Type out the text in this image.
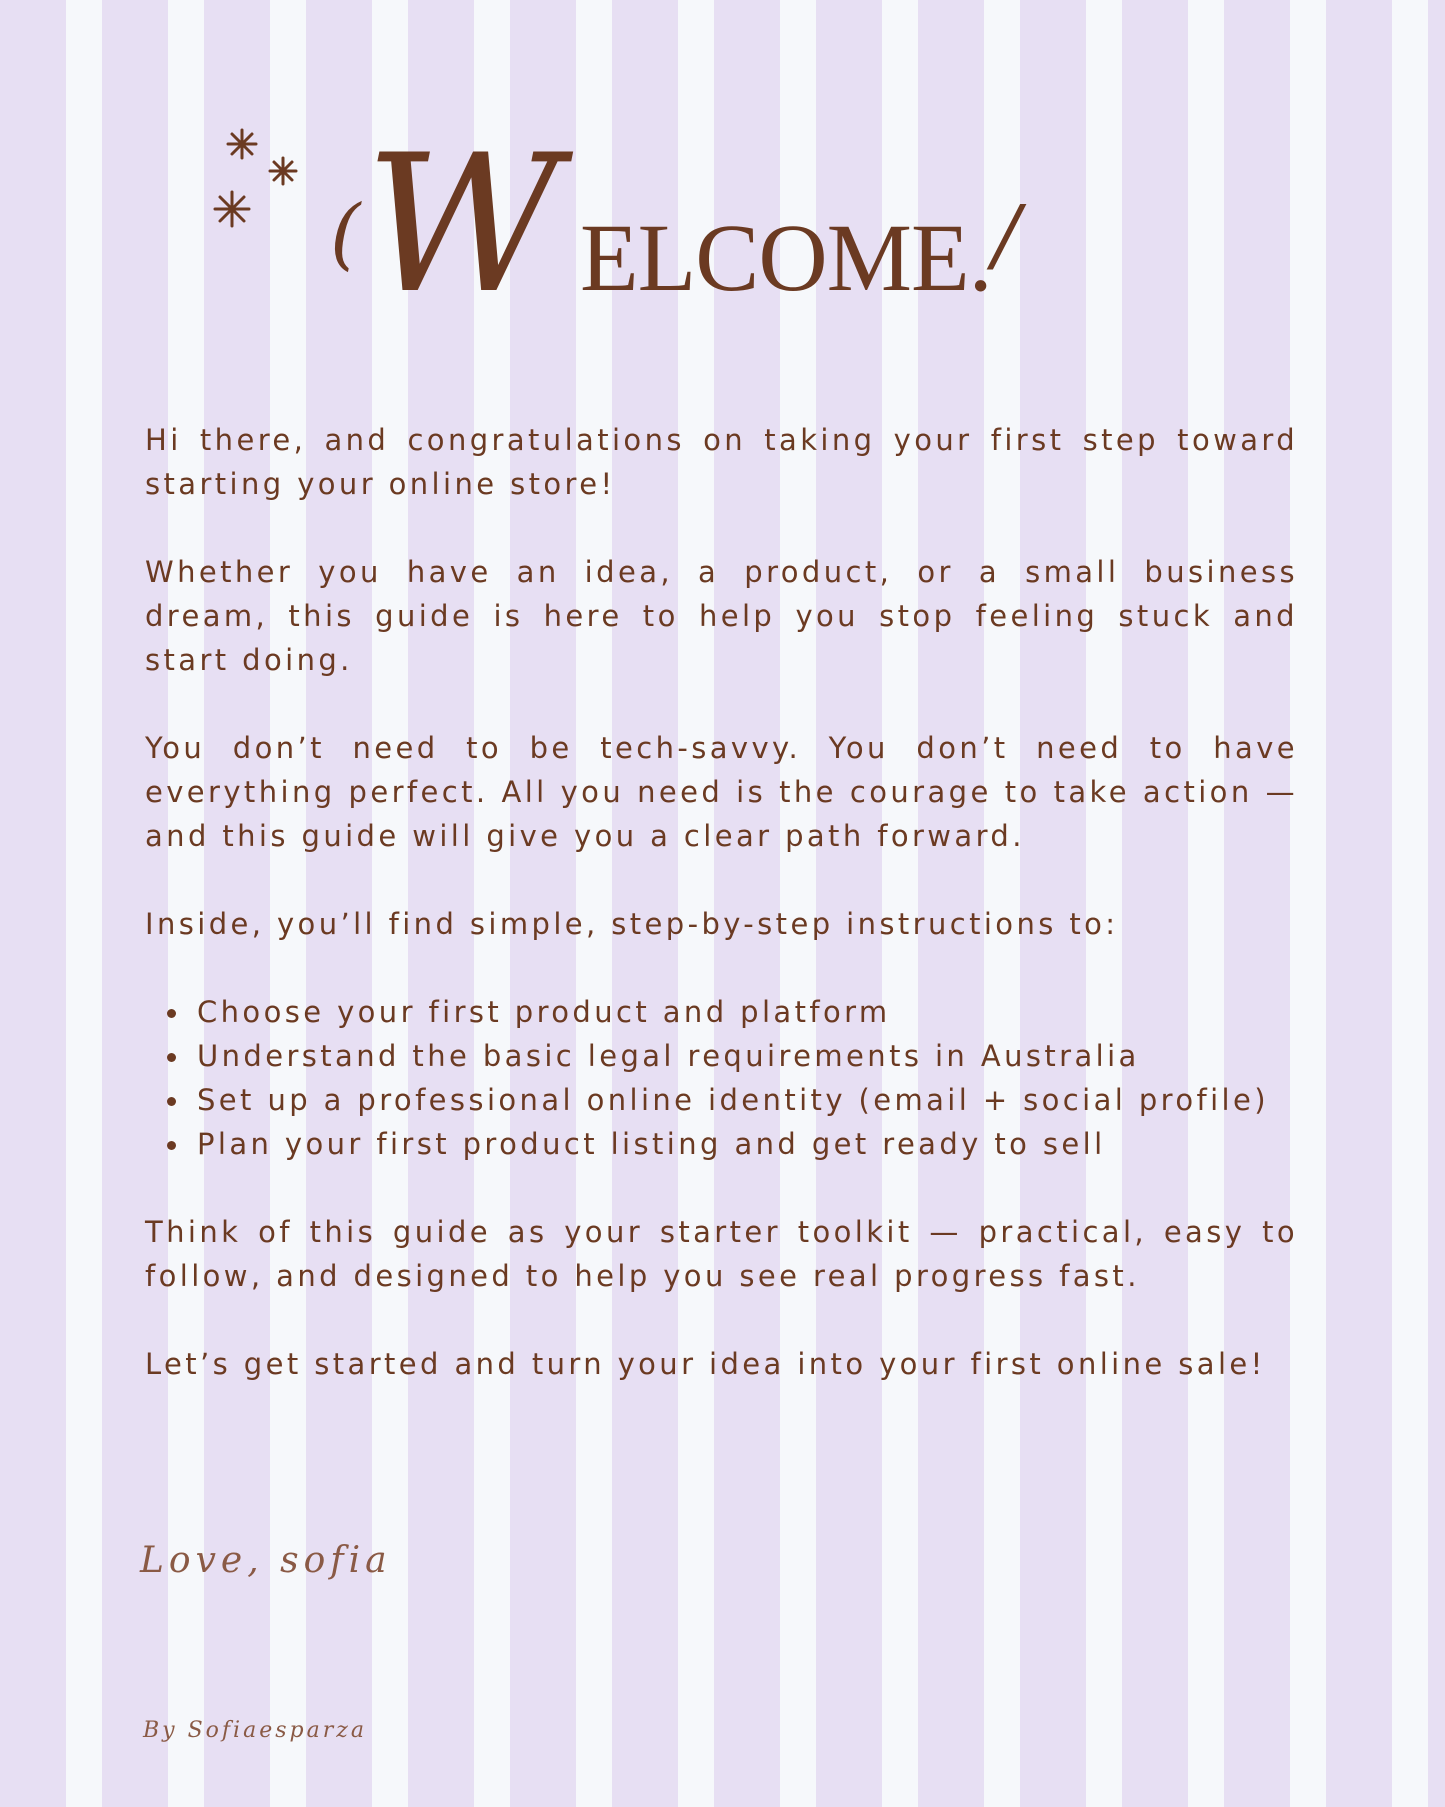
( W ELCOME. /

Hi there, and congratulations on taking your first step toward starting your online store!

Whether you have an idea, a product, or a small business dream, this guide is here to help you stop feeling stuck and start doing.

You don’t need to be tech-savvy. You don’t need to have everything perfect. All you need is the courage to take action — and this guide will give you a clear path forward.

Inside, you’ll find simple, step-by-step instructions to:

Choose your first product and platform
Understand the basic legal requirements in Australia
Set up a professional online identity (email + social profile)
Plan your first product listing and get ready to sell

Think of this guide as your starter toolkit — practical, easy to follow, and designed to help you see real progress fast.

Let’s get started and turn your idea into your first online sale!

Love, sofia
By Sofiaesparza
